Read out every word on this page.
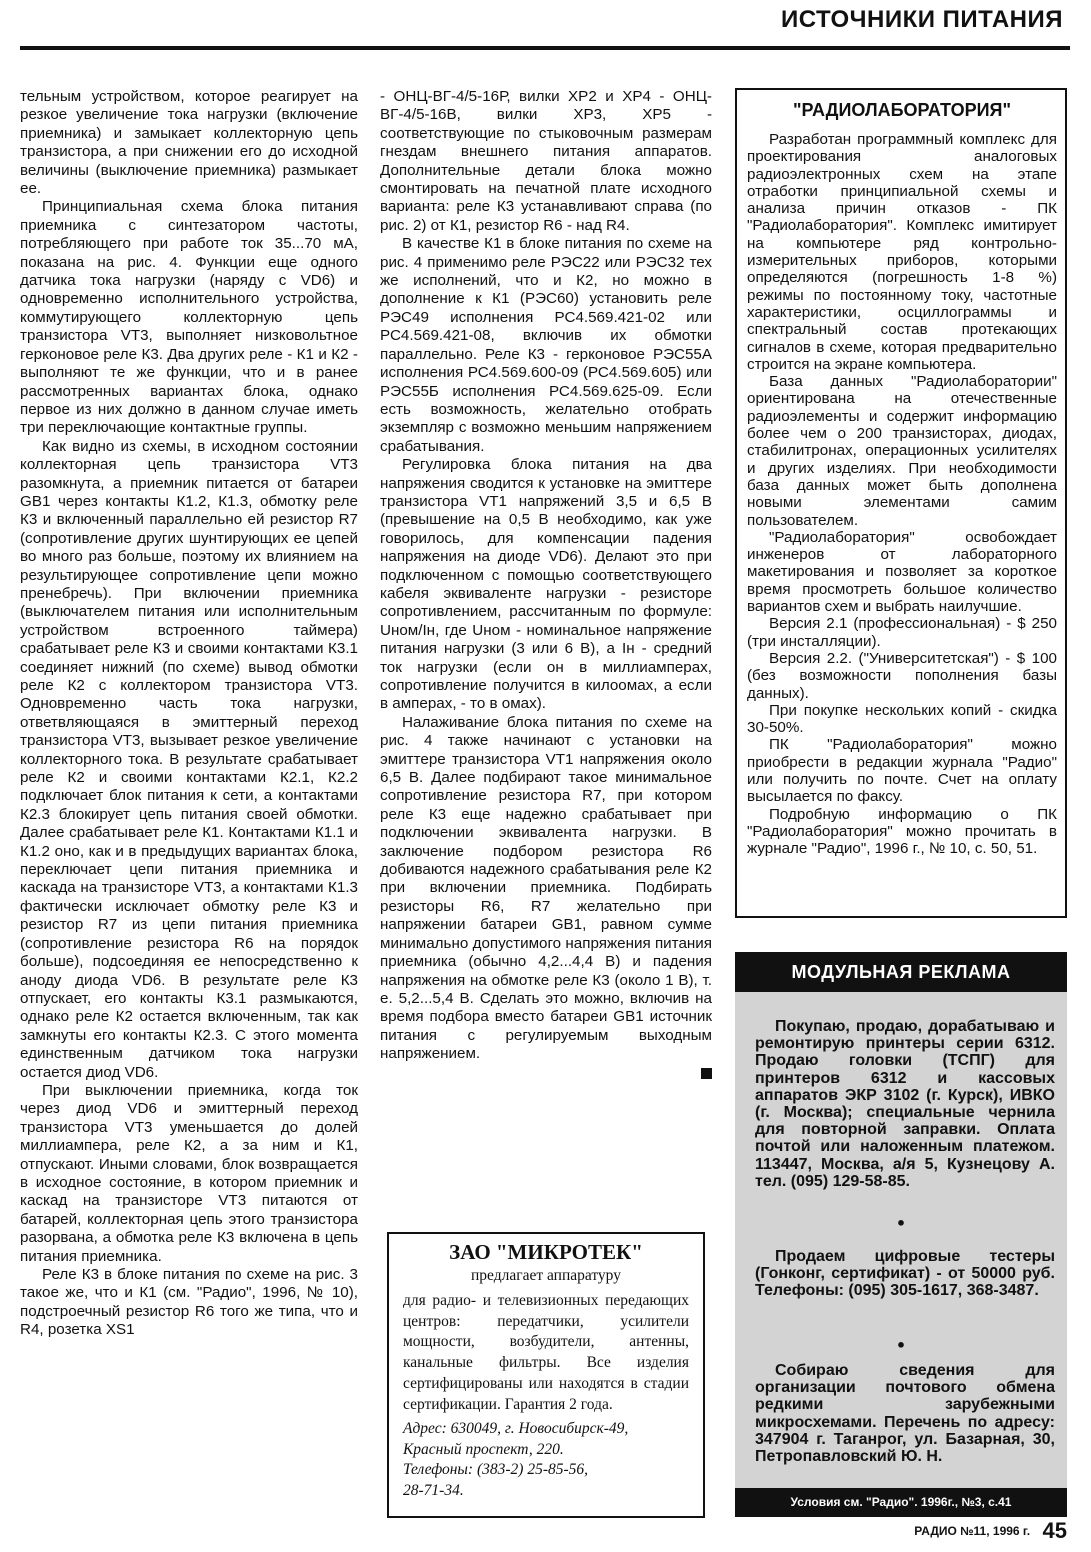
ИСТОЧНИКИ ПИТАНИЯ

тельным устройством, которое реагирует на резкое увеличение тока нагрузки (включение приемника) и замыкает коллекторную цепь транзистора, а при снижении его до исходной величины (выключение приемника) размыкает ее.

Принципиальная схема блока питания приемника с синтезатором частоты, потребляющего при работе ток 35...70 мА, показана на рис. 4. Функции еще одного датчика тока нагрузки (наряду с VD6) и одновременно исполнительного устройства, коммутирующего коллекторную цепь транзистора VT3, выполняет низковольтное герконовое реле К3. Два других реле - К1 и К2 - выполняют те же функции, что и в ранее рассмотренных вариантах блока, однако первое из них должно в данном случае иметь три переключающие контактные группы.

Как видно из схемы, в исходном состоянии коллекторная цепь транзистора VT3 разомкнута, а приемник питается от батареи GB1 через контакты К1.2, К1.3, обмотку реле К3 и включенный параллельно ей резистор R7 (сопротивление других шунтирующих ее цепей во много раз больше, поэтому их влиянием на результирующее сопротивление цепи можно пренебречь). При включении приемника (выключателем питания или исполнительным устройством встроенного таймера) срабатывает реле К3 и своими контактами К3.1 соединяет нижний (по схеме) вывод обмотки реле К2 с коллектором транзистора VT3. Одновременно часть тока нагрузки, ответвляющаяся в эмиттерный переход транзистора VT3, вызывает резкое увеличение коллекторного тока. В результате срабатывает реле К2 и своими контактами К2.1, К2.2 подключает блок питания к сети, а контактами К2.3 блокирует цепь питания своей обмотки. Далее срабатывает реле К1. Контактами К1.1 и К1.2 оно, как и в предыдущих вариантах блока, переключает цепи питания приемника и каскада на транзисторе VT3, а контактами К1.3 фактически исключает обмотку реле К3 и резистор R7 из цепи питания приемника (сопротивление резистора R6 на порядок больше), подсоединяя ее непосредственно к аноду диода VD6. В результате реле К3 отпускает, его контакты К3.1 размыкаются, однако реле К2 остается включенным, так как замкнуты его контакты К2.3. С этого момента единственным датчиком тока нагрузки остается диод VD6.

При выключении приемника, когда ток через диод VD6 и эмиттерный переход транзистора VT3 уменьшается до долей миллиампера, реле К2, а за ним и К1, отпускают. Иными словами, блок возвращается в исходное состояние, в котором приемник и каскад на транзисторе VT3 питаются от батарей, коллекторная цепь этого транзистора разорвана, а обмотка реле К3 включена в цепь питания приемника.

Реле К3 в блоке питания по схеме на рис. 3 такое же, что и К1 (см. "Радио", 1996, № 10), подстроечный резистор R6 того же типа, что и R4, розетка XS1

- ОНЦ-ВГ-4/5-16Р, вилки XP2 и XP4 - ОНЦ-ВГ-4/5-16В, вилки XP3, XP5 - соответствующие по стыковочным размерам гнездам внешнего питания аппаратов. Дополнительные детали блока можно смонтировать на печатной плате исходного варианта: реле К3 устанавливают справа (по рис. 2) от К1, резистор R6 - над R4.

В качестве К1 в блоке питания по схеме на рис. 4 применимо реле РЭС22 или РЭС32 тех же исполнений, что и К2, но можно в дополнение к К1 (РЭС60) установить реле РЭС49 исполнения РС4.569.421-02 или РС4.569.421-08, включив их обмотки параллельно. Реле К3 - герконовое РЭС55А исполнения РС4.569.600-09 (РС4.569.605) или РЭС55Б исполнения РС4.569.625-09. Если есть возможность, желательно отобрать экземпляр с возможно меньшим напряжением срабатывания.

Регулировка блока питания на два напряжения сводится к установке на эмиттере транзистора VT1 напряжений 3,5 и 6,5 В (превышение на 0,5 В необходимо, как уже говорилось, для компенсации падения напряжения на диоде VD6). Делают это при подключенном с помощью соответствующего кабеля эквиваленте нагрузки - резисторе сопротивлением, рассчитанным по формуле: Uном/Iн, где Uном - номинальное напряжение питания нагрузки (3 или 6 В), а Iн - средний ток нагрузки (если он в миллиамперах, сопротивление получится в килоомах, а если в амперах, - то в омах).

Налаживание блока питания по схеме на рис. 4 также начинают с установки на эмиттере транзистора VT1 напряжения около 6,5 В. Далее подбирают такое минимальное сопротивление резистора R7, при котором реле К3 еще надежно срабатывает при подключении эквивалента нагрузки. В заключение подбором резистора R6 добиваются надежного срабатывания реле К2 при включении приемника. Подбирать резисторы R6, R7 желательно при напряжении батареи GB1, равном сумме минимально допустимого напряжения питания приемника (обычно 4,2...4,4 В) и падения напряжения на обмотке реле К3 (около 1 В), т. е. 5,2...5,4 В. Сделать это можно, включив на время подбора вместо батареи GB1 источник питания с регулируемым выходным напряжением.

ЗАО "МИКРОТЕК"
предлагает аппаратуру

для радио- и телевизионных передающих центров: передатчики, усилители мощности, возбудители, антенны, канальные фильтры. Все изделия сертифицированы или находятся в стадии сертификации. Гарантия 2 года.

Адрес: 630049, г. Новосибирск-49,
Красный проспект, 220.
Телефоны: (383-2) 25-85-56,
28-71-34.
"РАДИОЛАБОРАТОРИЯ"

Разработан программный комплекс для проектирования аналоговых радиоэлектронных схем на этапе отработки принципиальной схемы и анализа причин отказов - ПК "Радиолаборатория". Комплекс имитирует на компьютере ряд контрольно-измерительных приборов, которыми определяются (погрешность 1-8 %) режимы по постоянному току, частотные характеристики, осциллограммы и спектральный состав протекающих сигналов в схеме, которая предварительно строится на экране компьютера.

База данных "Радиолаборатории" ориентирована на отечественные радиоэлементы и содержит информацию более чем о 200 транзисторах, диодах, стабилитронах, операционных усилителях и других изделиях. При необходимости база данных может быть дополнена новыми элементами самим пользователем.

"Радиолаборатория" освобождает инженеров от лабораторного макетирования и позволяет за короткое время просмотреть большое количество вариантов схем и выбрать наилучшие.

Версия 2.1 (профессиональная) - $ 250 (три инсталляции).

Версия 2.2. ("Университетская") - $ 100 (без возможности пополнения базы данных).

При покупке нескольких копий - скидка 30-50%.

ПК "Радиолаборатория" можно приобрести в редакции журнала "Радио" или получить по почте. Счет на оплату высылается по факсу.

Подробную информацию о ПК "Радиолаборатория" можно прочитать в журнале "Радио", 1996 г., № 10, с. 50, 51.

МОДУЛЬНАЯ РЕКЛАМА

Покупаю, продаю, дорабатываю и ремонтирую принтеры серии 6312. Продаю головки (ТСПГ) для принтеров 6312 и кассовых аппаратов ЭКР 3102 (г. Курск), ИВКО (г. Москва); специальные чернила для повторной заправки. Оплата почтой или наложенным платежом. 113447, Москва, а/я 5, Кузнецову А. тел. (095) 129-58-85.

•

Продаем цифровые тестеры (Гонконг, сертификат) - от 50000 руб. Телефоны: (095) 305-1617, 368-3487.

•

Собираю сведения для организации почтового обмена редкими зарубежными микросхемами. Перечень по адресу: 347904 г. Таганрог, ул. Базарная, 30, Петропавловский Ю. Н.

Условия см. "Радио". 1996г., №3, с.41
РАДИО №11, 1996 г. 45
